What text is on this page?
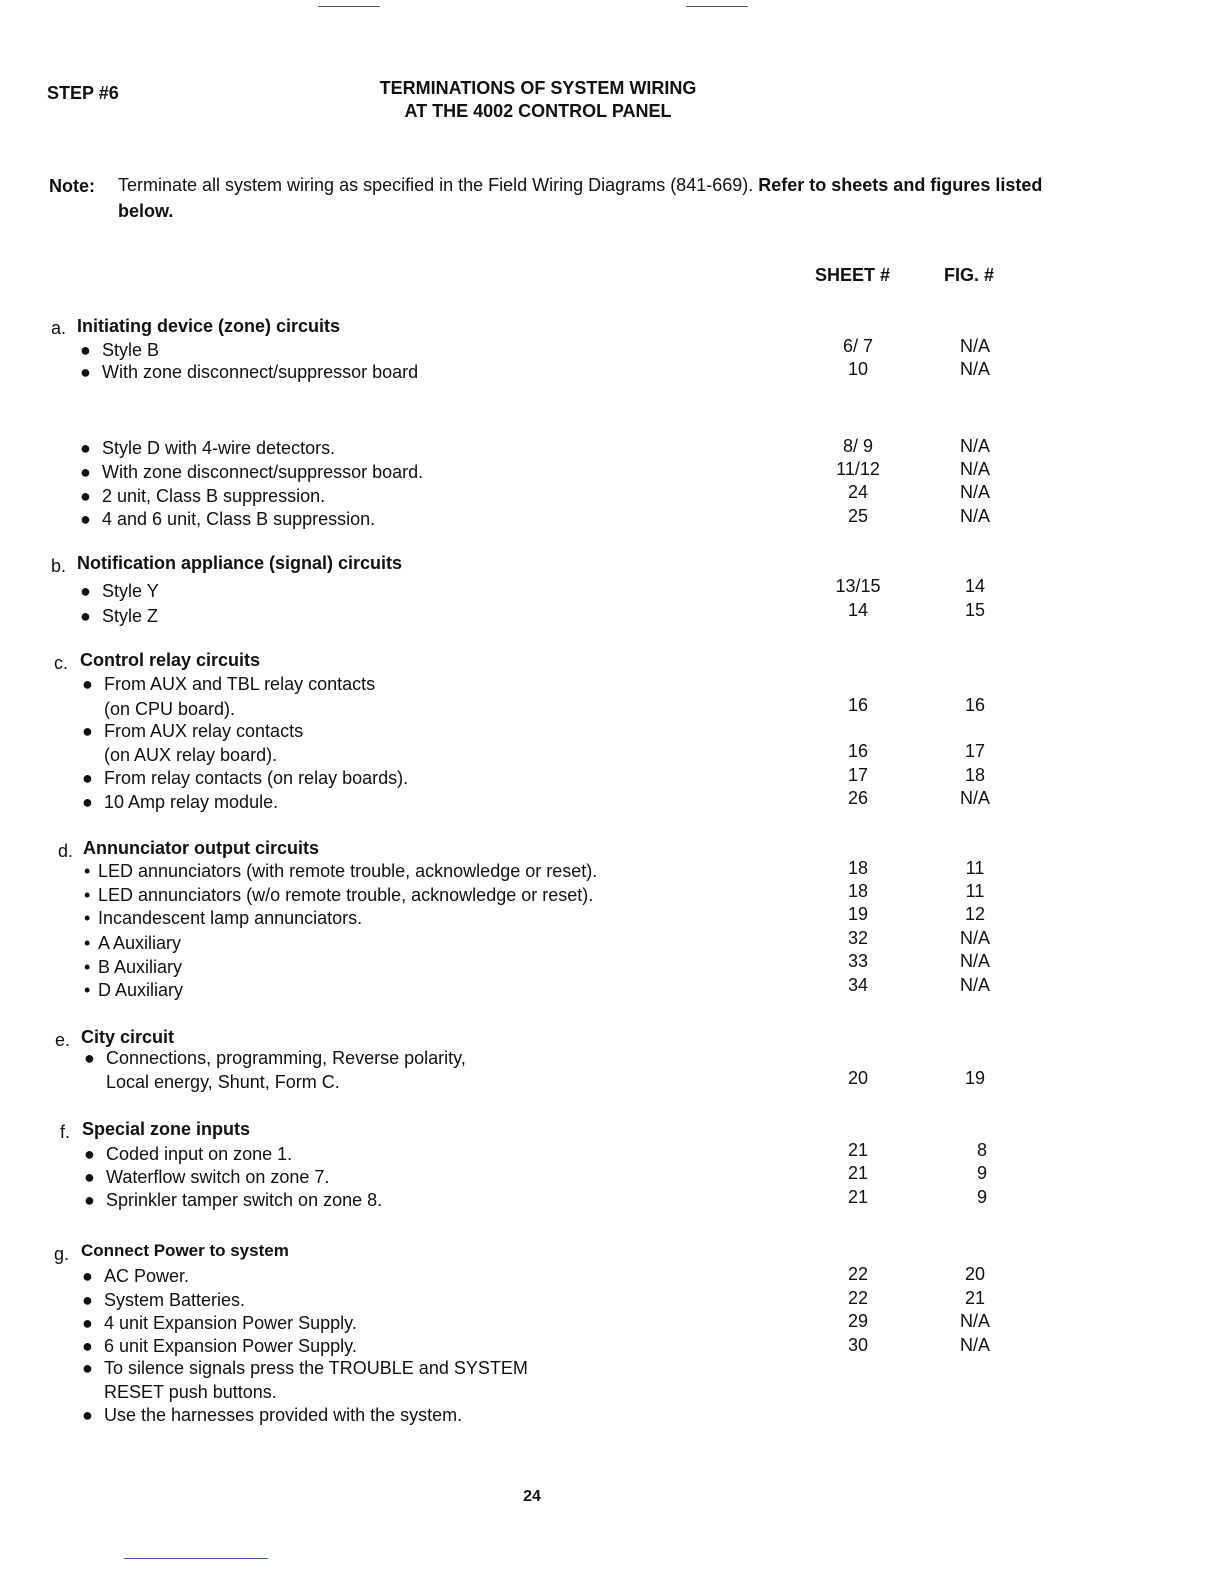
STEP #6	TERMINATIONS OF SYSTEM WIRING
AT THE 4002 CONTROL PANEL
Note: Terminate all system wiring as specified in the Field Wiring Diagrams (841-669). Refer to sheets and figures listed below.
SHEET #	FIG. #
a. Initiating device (zone) circuits
● Style B	6/ 7	N/A
● With zone disconnect/suppressor board	10	N/A
● Style D with 4-wire detectors.	8/ 9	N/A
● With zone disconnect/suppressor board.	11/12	N/A
● 2 unit, Class B suppression.	24	N/A
● 4 and 6 unit, Class B suppression.	25	N/A
b. Notification appliance (signal) circuits
● Style Y	13/15	14
● Style Z	14	15
c. Control relay circuits
● From AUX and TBL relay contacts
(on CPU board).	16	16
● From AUX relay contacts
(on AUX relay board).	16	17
● From relay contacts (on relay boards).	17	18
● 10 Amp relay module.	26	N/A
d. Annunciator output circuits
• LED annunciators (with remote trouble, acknowledge or reset).	18	11
• LED annunciators (w/o remote trouble, acknowledge or reset).	18	11
• Incandescent lamp annunciators.	19	12
• A Auxiliary	32	N/A
• B Auxiliary	33	N/A
• D Auxiliary	34	N/A
e. City circuit
● Connections, programming, Reverse polarity,
Local energy, Shunt, Form C.	20	19
f. Special zone inputs
● Coded input on zone 1.	21	8
● Waterflow switch on zone 7.	21	9
● Sprinkler tamper switch on zone 8.	21	9
g. Connect Power to system
● AC Power.	22	20
● System Batteries.	22	21
● 4 unit Expansion Power Supply.	29	N/A
● 6 unit Expansion Power Supply.	30	N/A
● To silence signals press the TROUBLE and SYSTEM
RESET push buttons.
● Use the harnesses provided with the system.
24
